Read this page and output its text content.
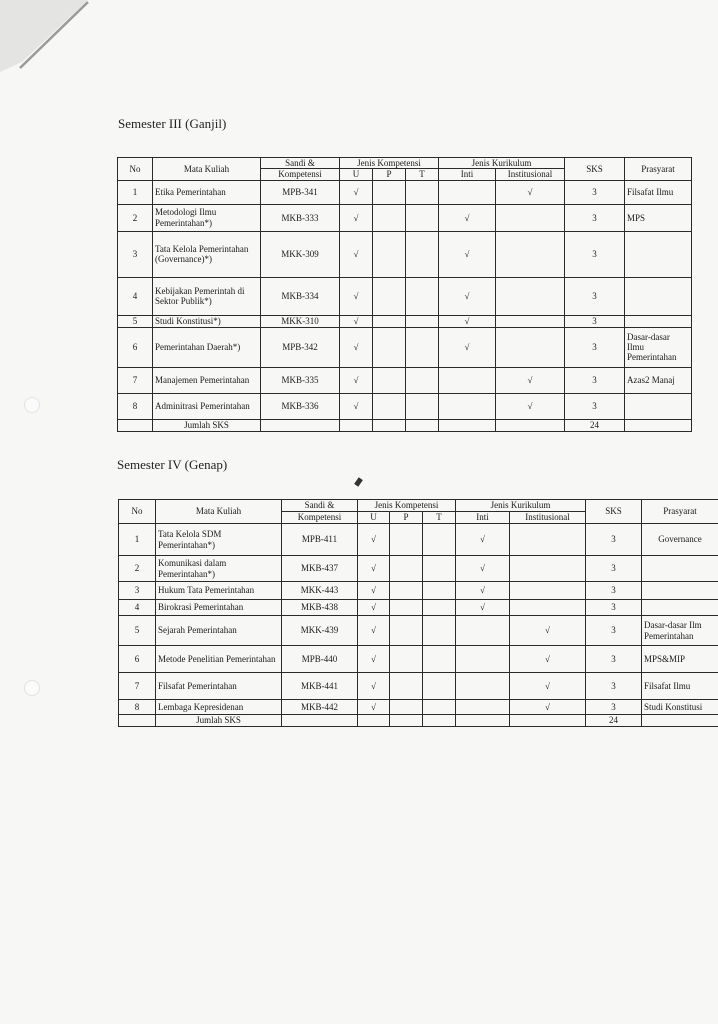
Semester III (Ganjil)
No	Mata Kuliah	Sandi &	Jenis Kompetensi			Jenis Kurikulum		SKS	Prasyarat
		Kompetensi	U	P	T	Inti	Institusional		
1	Etika Pemerintahan	MPB-341	√				√	3	Filsafat Ilmu
2	Metodologi Ilmu Pemerintahan*)	MKB-333	√			√		3	MPS
3	Tata Kelola Pemerintahan (Governance)*)	MKK-309	√			√		3	
4	Kebijakan Pemerintah di Sektor Publik*)	MKB-334	√			√		3	
5	Studi Konstitusi*)	MKK-310	√			√		3	
6	Pemerintahan Daerah*)	MPB-342	√			√		3	Dasar-dasar Ilmu Pemerintahan
7	Manajemen Pemerintahan	MKB-335	√				√	3	Azas2 Manaj
8	Adminitrasi Pemerintahan	MKB-336	√				√	3	
	Jumlah SKS							24	
Semester IV (Genap)
No	Mata Kuliah	Sandi &	Jenis Kompetensi			Jenis Kurikulum		SKS	Prasyarat
		Kompetensi	U	P	T	Inti	Institusional		
1	Tata Kelola SDM Pemerintahan*)	MPB-411	√			√		3	Governance
2	Komunikasi dalam Pemerintahan*)	MKB-437	√			√		3	
3	Hukum Tata Pemerintahan	MKK-443	√			√		3	
4	Birokrasi Pemerintahan	MKB-438	√			√		3	
5	Sejarah Pemerintahan	MKK-439	√				√	3	Dasar-dasar Ilm Pemerintahan
6	Metode Penelitian Pemerintahan	MPB-440	√				√	3	MPS&MIP
7	Filsafat Pemerintahan	MKB-441	√				√	3	Filsafat Ilmu
8	Lembaga Kepresidenan	MKB-442	√				√	3	Studi Konstitusi
	Jumlah SKS							24	
